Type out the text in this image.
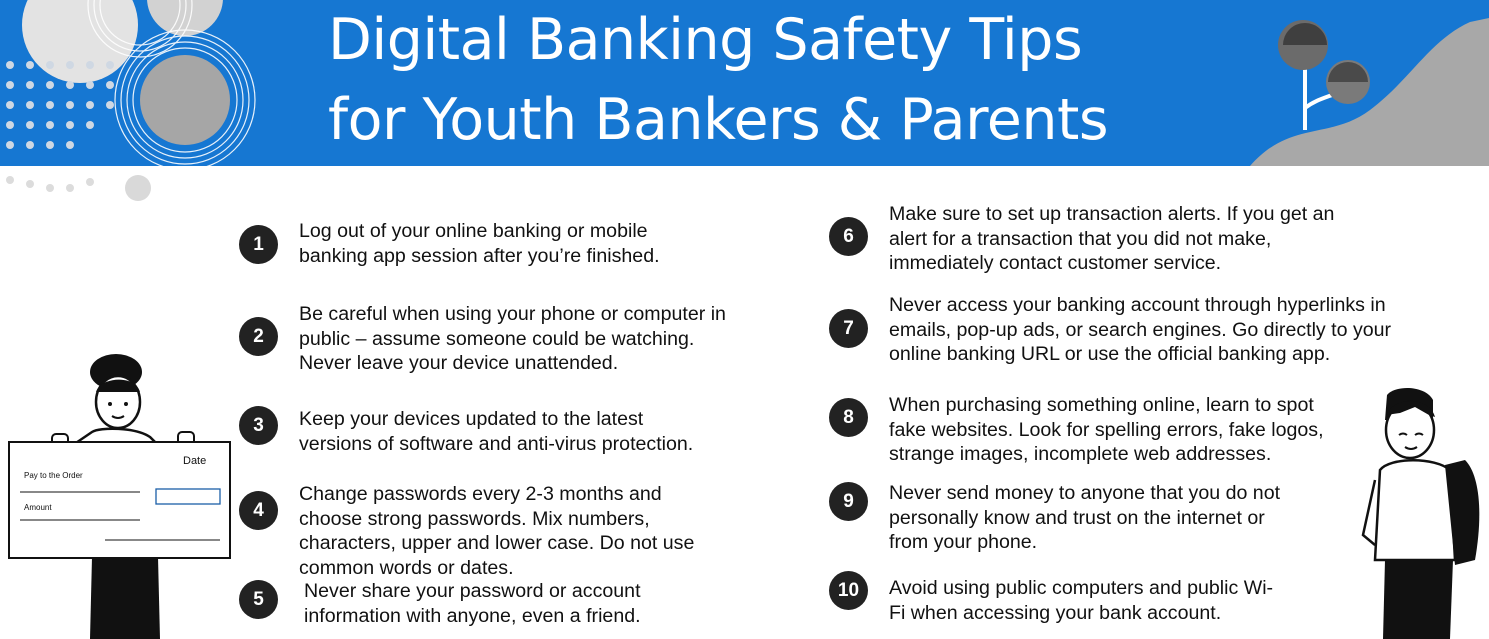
Digital Banking Safety Tips
for Youth Bankers & Parents
Date
Pay to the Order
Amount
1

Log out of your online banking or mobile
banking app session after you’re finished.

2

Be careful when using your phone or computer in
public – assume someone could be watching.
Never leave your device unattended.

3	Keep your devices updated to the latest
versions of software and anti-virus protection.

4

Change passwords every 2-3 months and
choose strong passwords. Mix numbers,
characters, upper and lower case. Do not use
common words or dates.

5	Never share your password or account
information with anyone, even a friend.

6

Make sure to set up transaction alerts. If you get an
alert for a transaction that you did not make,
immediately contact customer service.

7

Never access your banking account through hyperlinks in
emails, pop-up ads, or search engines. Go directly to your
online banking URL or use the official banking app.

8

When purchasing something online, learn to spot
fake websites. Look for spelling errors, fake logos,
strange images, incomplete web addresses.

9	Never send money to anyone that you do not
personally know and trust on the internet or
from your phone.

10	Avoid using public computers and public Wi-
Fi when accessing your bank account.
